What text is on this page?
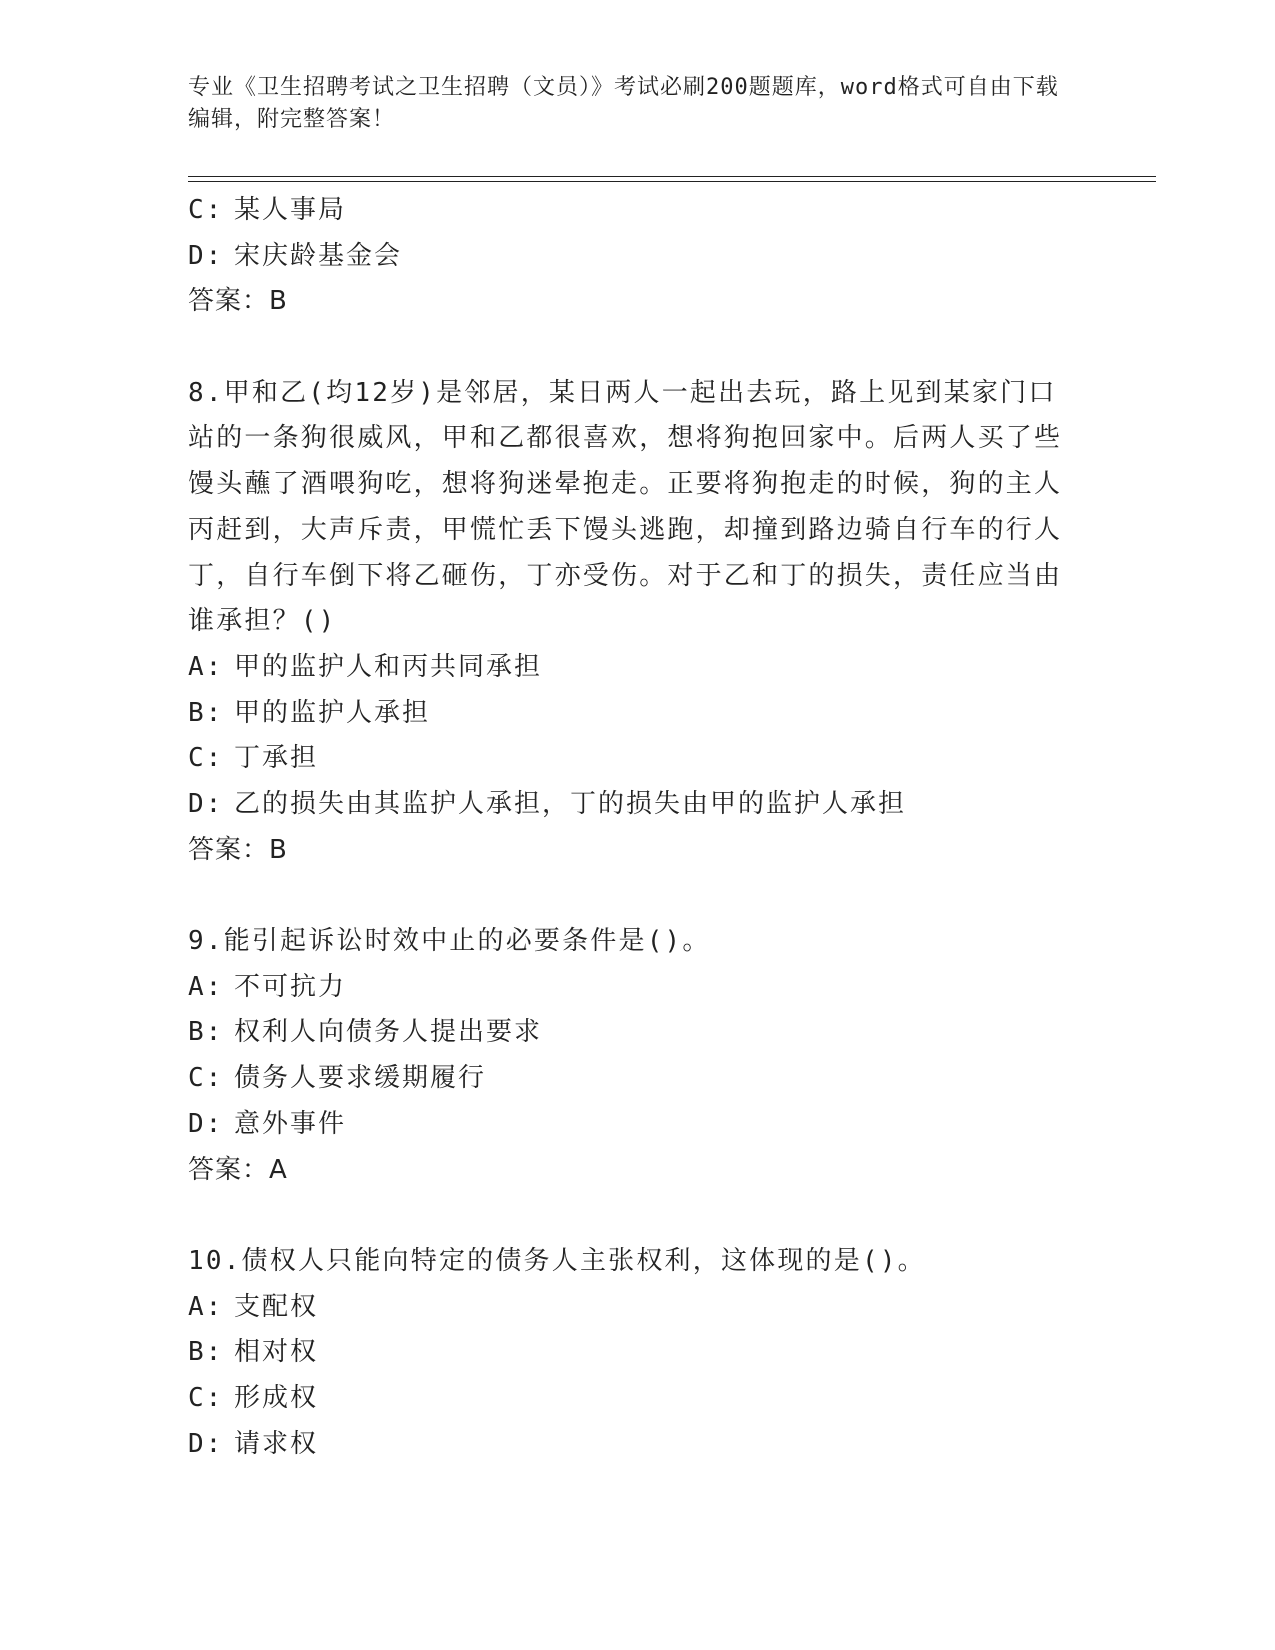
专业《卫生招聘考试之卫生招聘（文员）》考试必刷200题题库，word格式可自由下载编辑，附完整答案！
C: 某人事局
D: 宋庆龄基金会
答案：B
8.甲和乙(均12岁)是邻居，某日两人一起出去玩，路上见到某家门口站的一条狗很威风，甲和乙都很喜欢，想将狗抱回家中。后两人买了些馒头蘸了酒喂狗吃，想将狗迷晕抱走。正要将狗抱走的时候，狗的主人丙赶到，大声斥责，甲慌忙丢下馒头逃跑，却撞到路边骑自行车的行人丁，自行车倒下将乙砸伤，丁亦受伤。对于乙和丁的损失，责任应当由谁承担？()
A: 甲的监护人和丙共同承担
B: 甲的监护人承担
C: 丁承担
D: 乙的损失由其监护人承担，丁的损失由甲的监护人承担
答案：B
9.能引起诉讼时效中止的必要条件是()。
A: 不可抗力
B: 权利人向债务人提出要求
C: 债务人要求缓期履行
D: 意外事件
答案：A
10.债权人只能向特定的债务人主张权利，这体现的是()。
A: 支配权
B: 相对权
C: 形成权
D: 请求权
